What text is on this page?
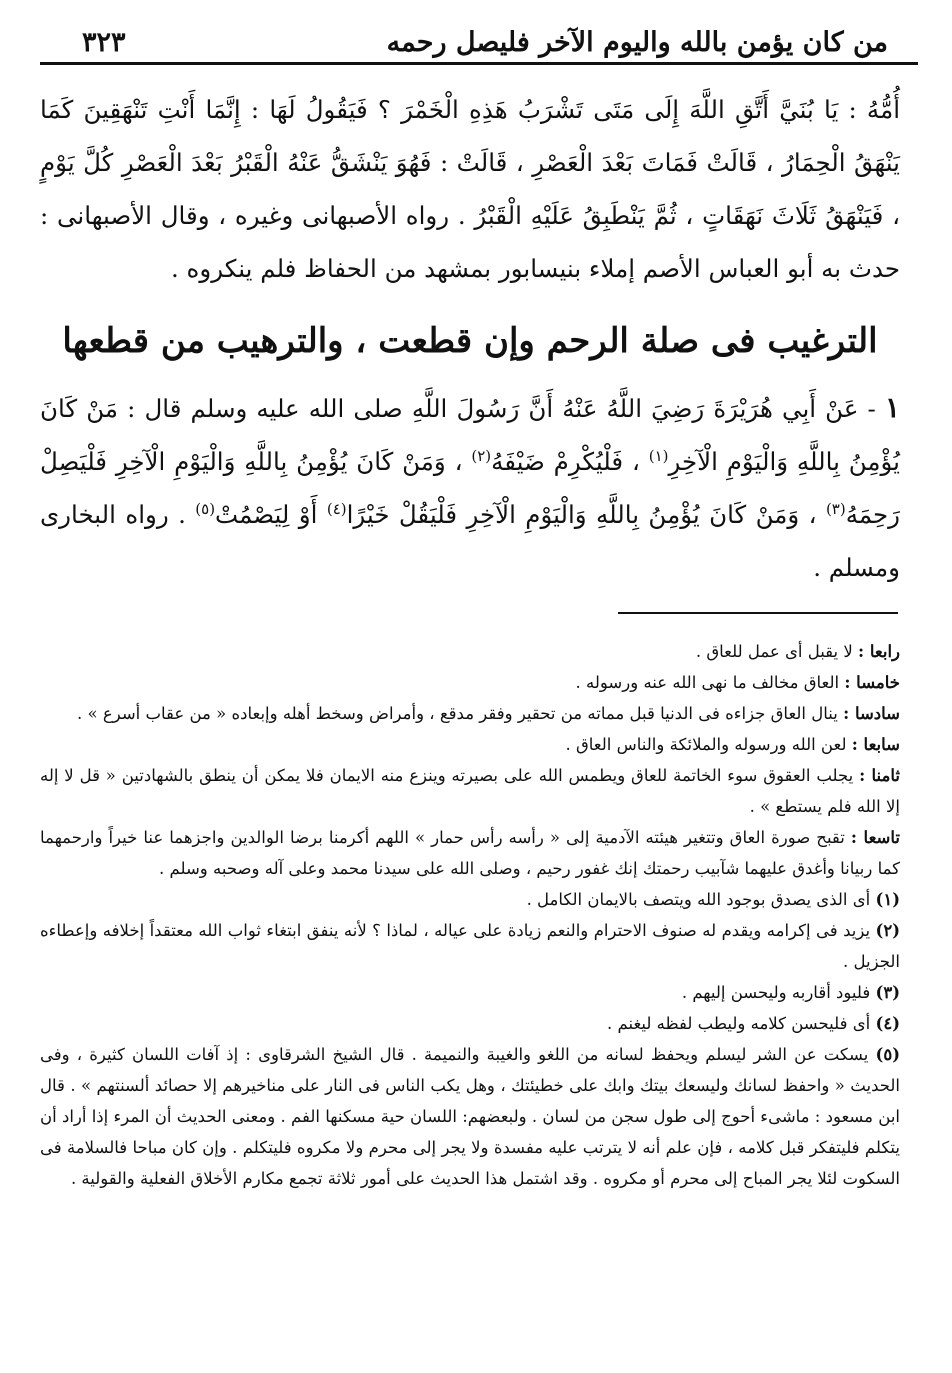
من كان يؤمن بالله واليوم الآخر فليصل رحمه
٣٢٣

أُمُّهُ : يَا بُنَيَّ أَتَّقِ اللَّهَ إِلَى مَتَى تَشْرَبُ هَذِهِ الْخَمْرَ ؟ فَيَقُولُ لَهَا : إِنَّمَا أَنْتِ تَنْهَقِينَ كَمَا يَنْهَقُ الْحِمَارُ ، قَالَتْ فَمَاتَ بَعْدَ الْعَصْرِ ، قَالَتْ : فَهُوَ يَنْشَقُّ عَنْهُ الْقَبْرُ بَعْدَ الْعَصْرِ كُلَّ يَوْمٍ ، فَيَنْهَقُ ثَلَاثَ نَهَقَاتٍ ، ثُمَّ يَنْطَبِقُ عَلَيْهِ الْقَبْرُ . رواه الأصبهانى وغيره ، وقال الأصبهانى : حدث به أبو العباس الأصم إملاء بنيسابور بمشهد من الحفاظ فلم ينكروه .

الترغيب فى صلة الرحم وإن قطعت ، والترهيب من قطعها

١ - عَنْ أَبِي هُرَيْرَةَ رَضِيَ اللَّهُ عَنْهُ أَنَّ رَسُولَ اللَّهِ صلى الله عليه وسلم قال : مَنْ كَانَ يُؤْمِنُ بِاللَّهِ وَالْيَوْمِ الْآخِرِ$^{(١)}$ ، فَلْيُكْرِمْ ضَيْفَهُ$^{(٢)}$ ، وَمَنْ كَانَ يُؤْمِنُ بِاللَّهِ وَالْيَوْمِ الْآخِرِ فَلْيَصِلْ رَحِمَهُ$^{(٣)}$ ، وَمَنْ كَانَ يُؤْمِنُ بِاللَّهِ وَالْيَوْمِ الْآخِرِ فَلْيَقُلْ خَيْرًا$^{(٤)}$ أَوْ لِيَصْمُتْ$^{(٥)}$ . رواه البخارى ومسلم .

رابعا : لا يقبل أى عمل للعاق .

خامسا : العاق مخالف ما نهى الله عنه ورسوله .

سادسا : ينال العاق جزاءه فى الدنيا قبل مماته من تحقير وفقر مدقع ، وأمراض وسخط أهله وإبعاده « من عقاب أسرع » .

سابعا : لعن الله ورسوله والملائكة والناس العاق .

ثامنا : يجلب العقوق سوء الخاتمة للعاق ويطمس الله على بصيرته وينزع منه الايمان فلا يمكن أن ينطق بالشهادتين « قل لا إله إلا الله فلم يستطع » .

تاسعا : تقبح صورة العاق وتتغير هيئته الآدمية إلى « رأسه رأس حمار » اللهم أكرمنا برضا الوالدين واجزهما عنا خيراً وارحمهما كما ربيانا وأغدق عليهما شآبيب رحمتك إنك غفور رحيم ، وصلى الله على سيدنا محمد وعلى آله وصحبه وسلم .

(١) أى الذى يصدق بوجود الله ويتصف بالايمان الكامل .

(٢) يزيد فى إكرامه ويقدم له صنوف الاحترام والنعم زيادة على عياله ، لماذا ؟ لأنه ينفق ابتغاء ثواب الله معتقداً إخلافه وإعطاءه الجزيل .

(٣) فليود أقاربه وليحسن إليهم .

(٤) أى فليحسن كلامه وليطب لفظه ليغنم .

(٥) يسكت عن الشر ليسلم ويحفظ لسانه من اللغو والغيبة والنميمة . قال الشيخ الشرقاوى : إذ آفات اللسان كثيرة ، وفى الحديث « واحفظ لسانك وليسعك بيتك وابك على خطيئتك ، وهل يكب الناس فى النار على مناخيرهم إلا حصائد ألسنتهم » . قال ابن مسعود : ماشىء أحوج إلى طول سجن من لسان . ولبعضهم: اللسان حية مسكنها الفم . ومعنى الحديث أن المرء إذا أراد أن يتكلم فليتفكر قبل كلامه ، فإن علم أنه لا يترتب عليه مفسدة ولا يجر إلى محرم ولا مكروه فليتكلم . وإن كان مباحا فالسلامة فى السكوت لئلا يجر المباح إلى محرم أو مكروه . وقد اشتمل هذا الحديث على أمور ثلاثة تجمع مكارم الأخلاق الفعلية والقولية .
